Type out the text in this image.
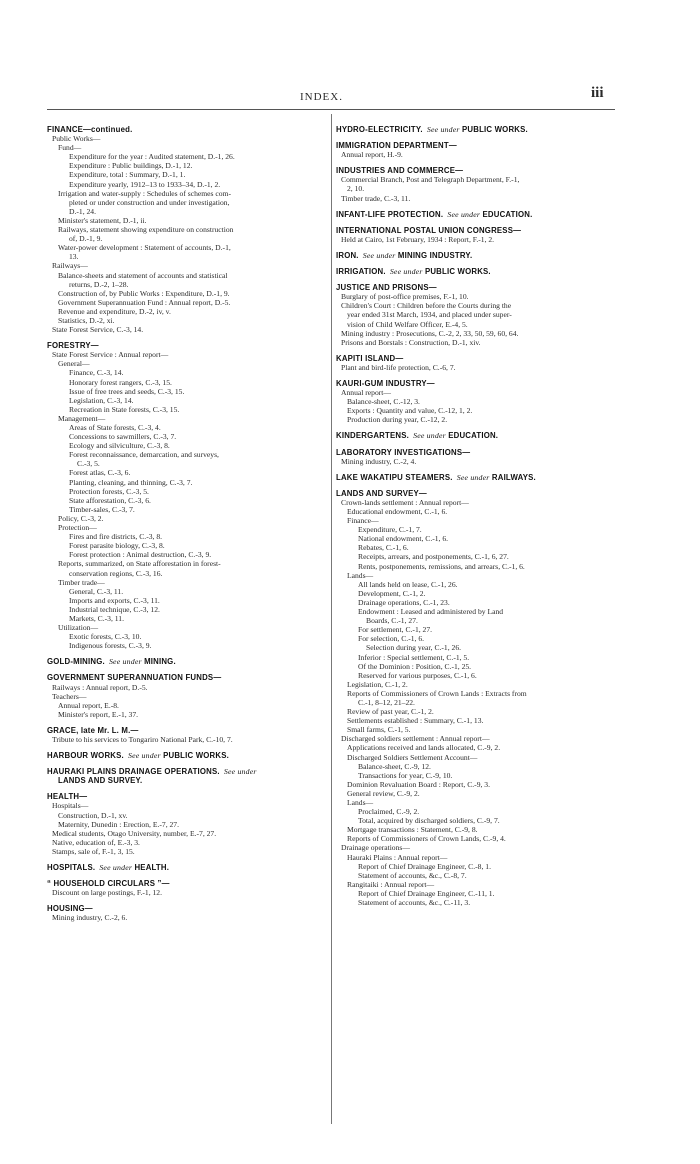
INDEX.	iii
FINANCE—continued.
Public Works—
Fund—
Expenditure for the year : Audited statement, D.-1, 26.
Expenditure : Public buildings, D.-1, 12.
Expenditure, total : Summary, D.-1, 1.
Expenditure yearly, 1912–13 to 1933–34, D.-1, 2.
Irrigation and water-supply : Schedules of schemes com-
pleted or under construction and under investigation,
D.-1, 24.
Minister's statement, D.-1, ii.
Railways, statement showing expenditure on construction
of, D.-1, 9.
Water-power development : Statement of accounts, D.-1,
13.
Railways—
Balance-sheets and statement of accounts and statistical
returns, D.-2, 1–28.
Construction of, by Public Works : Expenditure, D.-1, 9.
Government Superannuation Fund : Annual report, D.-5.
Revenue and expenditure, D.-2, iv, v.
Statistics, D.-2, xi.
State Forest Service, C.-3, 14.
FORESTRY—
State Forest Service : Annual report—
General—
Finance, C.-3, 14.
Honorary forest rangers, C.-3, 15.
Issue of free trees and seeds, C.-3, 15.
Legislation, C.-3, 14.
Recreation in State forests, C.-3, 15.
Management—
Areas of State forests, C.-3, 4.
Concessions to sawmillers, C.-3, 7.
Ecology and silviculture, C.-3, 8.
Forest reconnaissance, demarcation, and surveys,
C.-3, 5.
Forest atlas, C.-3, 6.
Planting, cleaning, and thinning, C.-3, 7.
Protection forests, C.-3, 5.
State afforestation, C.-3, 6.
Timber-sales, C.-3, 7.
Policy, C.-3, 2.
Protection—
Fires and fire districts, C.-3, 8.
Forest parasite biology, C.-3, 8.
Forest protection : Animal destruction, C.-3, 9.
Reports, summarized, on State afforestation in forest-
conservation regions, C.-3, 16.
Timber trade—
General, C.-3, 11.
Imports and exports, C.-3, 11.
Industrial technique, C.-3, 12.
Markets, C.-3, 11.
Utilization—
Exotic forests, C.-3, 10.
Indigenous forests, C.-3, 9.
GOLD-MINING.  See under MINING.
GOVERNMENT SUPERANNUATION FUNDS—
Railways : Annual report, D.-5.
Teachers—
Annual report, E.-8.
Minister's report, E.-1, 37.
GRACE, late Mr. L. M.—
Tribute to his services to Tongariro National Park, C.-10, 7.
HARBOUR WORKS.  See under PUBLIC WORKS.
HAURAKI PLAINS DRAINAGE OPERATIONS.  See under
LANDS AND SURVEY.
HEALTH—
Hospitals—
Construction, D.-1, xv.
Maternity, Dunedin : Erection, E.-7, 27.
Medical students, Otago University, number, E.-7, 27.
Native, education of, E.-3, 3.
Stamps, sale of, F.-1, 3, 15.
HOSPITALS.  See under HEALTH.
“ HOUSEHOLD CIRCULARS ”—
Discount on large postings, F.-1, 12.
HOUSING—
Mining industry, C.-2, 6.
HYDRO-ELECTRICITY.  See under PUBLIC WORKS.
IMMIGRATION DEPARTMENT—
Annual report, H.-9.
INDUSTRIES AND COMMERCE—
Commercial Branch, Post and Telegraph Department, F.-1,
2, 10.
Timber trade, C.-3, 11.
INFANT-LIFE PROTECTION.  See under EDUCATION.
INTERNATIONAL POSTAL UNION CONGRESS—
Held at Cairo, 1st February, 1934 : Report, F.-1, 2.
IRON.  See under MINING INDUSTRY.
IRRIGATION.  See under PUBLIC WORKS.
JUSTICE AND PRISONS—
Burglary of post-office premises, F.-1, 10.
Children's Court : Children before the Courts during the
year ended 31st March, 1934, and placed under super-
vision of Child Welfare Officer, E.-4, 5.
Mining industry : Prosecutions, C.-2, 2, 33, 50, 59, 60, 64.
Prisons and Borstals : Construction, D.-1, xiv.
KAPITI ISLAND—
Plant and bird-life protection, C.-6, 7.
KAURI-GUM INDUSTRY—
Annual report—
Balance-sheet, C.-12, 3.
Exports : Quantity and value, C.-12, 1, 2.
Production during year, C.-12, 2.
KINDERGARTENS.  See under EDUCATION.
LABORATORY INVESTIGATIONS—
Mining industry, C.-2, 4.
LAKE WAKATIPU STEAMERS.  See under RAILWAYS.
LANDS AND SURVEY—
Crown-lands settlement : Annual report—
Educational endowment, C.-1, 6.
Finance—
Expenditure, C.-1, 7.
National endowment, C.-1, 6.
Rebates, C.-1, 6.
Receipts, arrears, and postponements, C.-1, 6, 27.
Rents, postponements, remissions, and arrears, C.-1, 6.
Lands—
All lands held on lease, C.-1, 26.
Development, C.-1, 2.
Drainage operations, C.-1, 23.
Endowment : Leased and administered by Land
Boards, C.-1, 27.
For settlement, C.-1, 27.
For selection, C.-1, 6.
Selection during year, C.-1, 26.
Inferior : Special settlement, C.-1, 5.
Of the Dominion : Position, C.-1, 25.
Reserved for various purposes, C.-1, 6.
Legislation, C.-1, 2.
Reports of Commissioners of Crown Lands : Extracts from
C.-1, 8–12, 21–22.
Review of past year, C.-1, 2.
Settlements established : Summary, C.-1, 13.
Small farms, C.-1, 5.
Discharged soldiers settlement : Annual report—
Applications received and lands allocated, C.-9, 2.
Discharged Soldiers Settlement Account—
Balance-sheet, C.-9, 12.
Transactions for year, C.-9, 10.
Dominion Revaluation Board : Report, C.-9, 3.
General review, C.-9, 2.
Lands—
Proclaimed, C.-9, 2.
Total, acquired by discharged soldiers, C.-9, 7.
Mortgage transactions : Statement, C.-9, 8.
Reports of Commissioners of Crown Lands, C.-9, 4.
Drainage operations—
Hauraki Plains : Annual report—
Report of Chief Drainage Engineer, C.-8, 1.
Statement of accounts, &c., C.-8, 7.
Rangitaiki : Annual report—
Report of Chief Drainage Engineer, C.-11, 1.
Statement of accounts, &c., C.-11, 3.
